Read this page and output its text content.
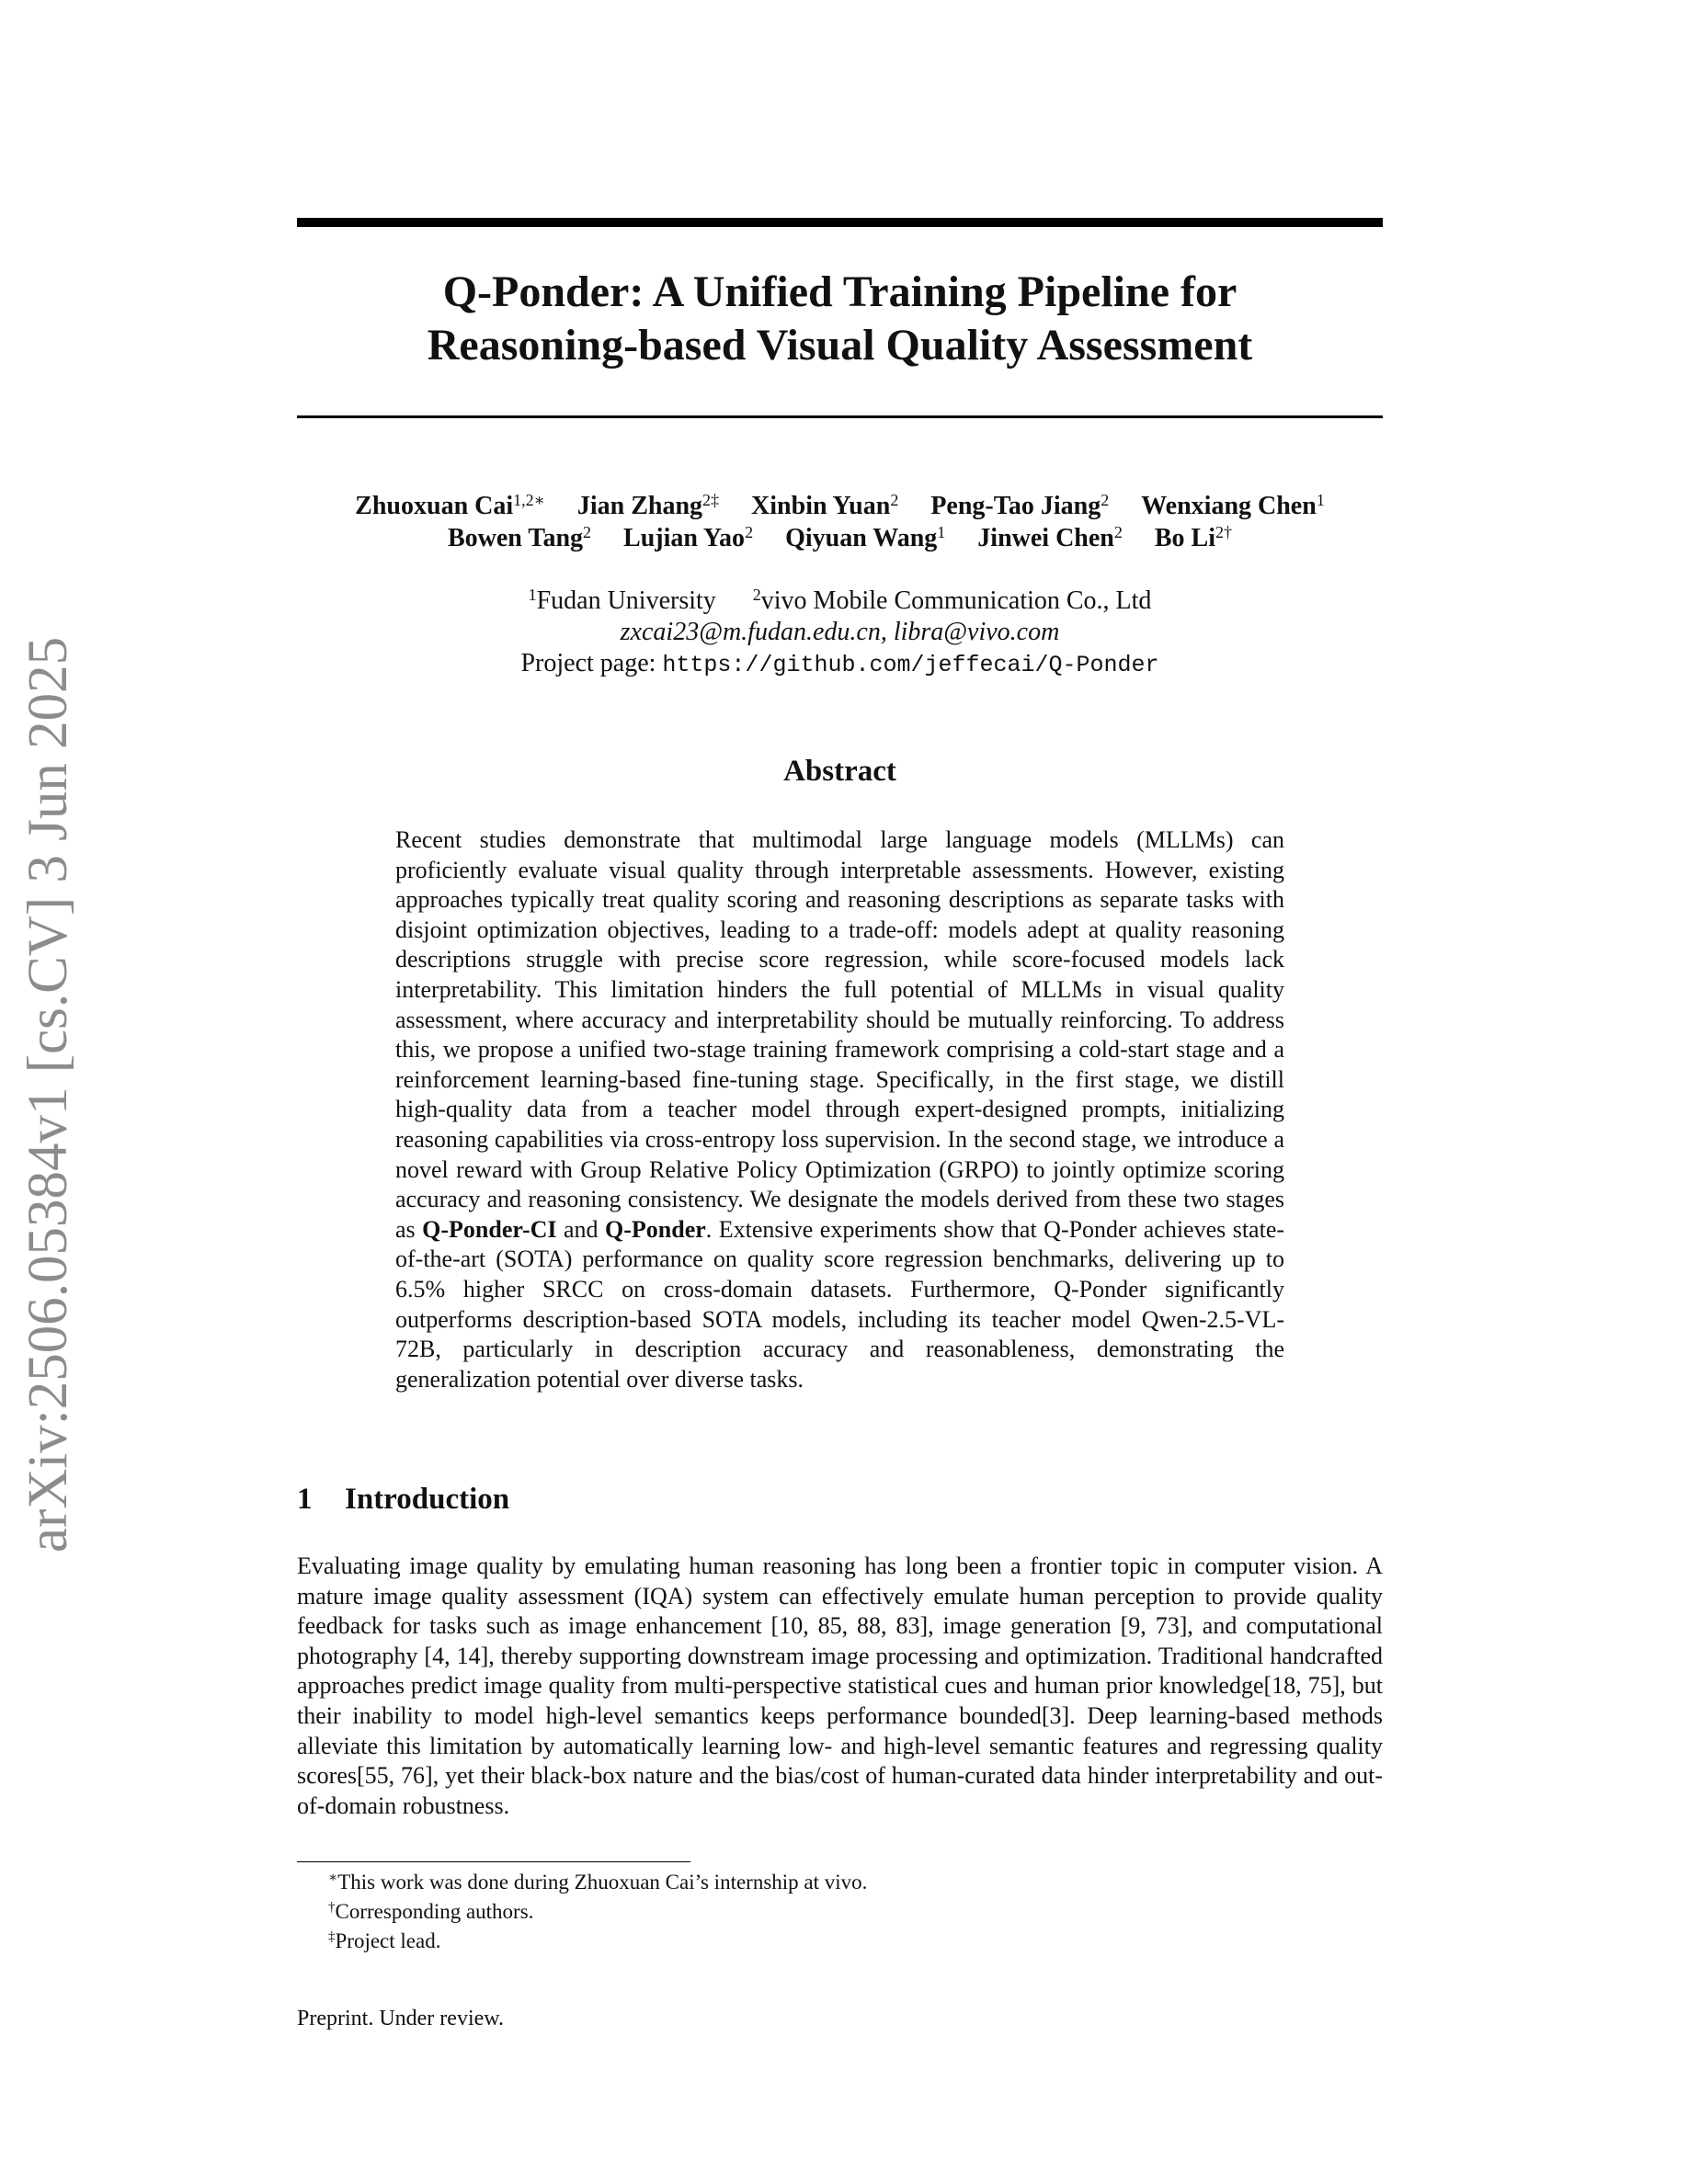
arXiv:2506.05384v1 [cs.CV] 3 Jun 2025
Q-Ponder: A Unified Training Pipeline for
Reasoning-based Visual Quality Assessment
Zhuoxuan Cai$^{1,2∗}$ Jian Zhang$^{2\ddagger}$ Xinbin Yuan$^2$ Peng-Tao Jiang$^2$ Wenxiang Chen$^1$
Bowen Tang$^2$ Lujian Yao$^2$ Qiyuan Wang$^1$ Jinwei Chen$^2$ Bo $Li^{2\dagger}$
$^1$Fudan University $^2$vivo Mobile Communication Co., Ltd
zxcai23@m.fudan.edu.cn, libra@vivo.com
Project page: https://github.com/jeffecai/Q-Ponder
Abstract
Recent studies demonstrate that multimodal large language models (MLLMs) can proficiently evaluate visual quality through interpretable assessments. However, existing approaches typically treat quality scoring and reasoning descriptions as separate tasks with disjoint optimization objectives, leading to a trade-off: models adept at quality reasoning descriptions struggle with precise score regression, while score-focused models lack interpretability. This limitation hinders the full potential of MLLMs in visual quality assessment, where accuracy and interpretability should be mutually reinforcing. To address this, we propose a unified two-stage training framework comprising a cold-start stage and a reinforcement learning-based fine-tuning stage. Specifically, in the first stage, we distill high-quality data from a teacher model through expert-designed prompts, initializing reasoning capabilities via cross-entropy loss supervision. In the second stage, we introduce a novel reward with Group Relative Policy Optimization (GRPO) to jointly optimize scoring accuracy and reasoning consistency. We designate the models derived from these two stages as Q-Ponder-CI and Q-Ponder. Extensive experiments show that Q-Ponder achieves state-of-the-art (SOTA) performance on quality score regression benchmarks, delivering up to 6.5% higher SRCC on cross-domain datasets. Furthermore, Q-Ponder significantly outperforms description-based SOTA models, including its teacher model Qwen-2.5-VL-72B, particularly in description accuracy and reasonableness, demonstrating the generalization potential over diverse tasks.
1 Introduction
Evaluating image quality by emulating human reasoning has long been a frontier topic in computer vision. A mature image quality assessment (IQA) system can effectively emulate human perception to provide quality feedback for tasks such as image enhancement [10, 85, 88, 83], image generation [9, 73], and computational photography [4, 14], thereby supporting downstream image processing and optimization. Traditional handcrafted approaches predict image quality from multi-perspective statistical cues and human prior knowledge[18, 75], but their inability to model high-level semantics keeps performance bounded[3]. Deep learning-based methods alleviate this limitation by automatically learning low- and high-level semantic features and regressing quality scores[55, 76], yet their black-box nature and the bias/cost of human-curated data hinder interpretability and out-of-domain robustness.
∗This work was done during Zhuoxuan Cai’s internship at vivo.
†Corresponding authors.
‡Project lead.
Preprint. Under review.
